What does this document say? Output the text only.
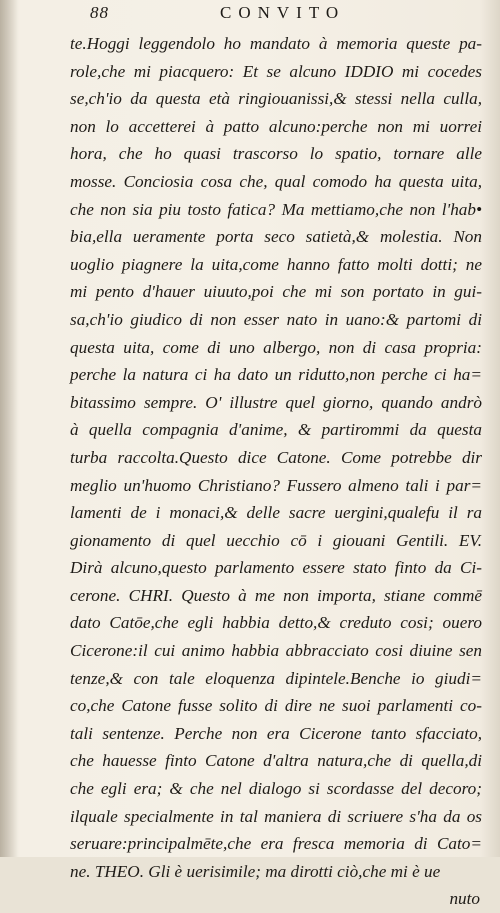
88	CONVITO
te.Hoggi leggendolo ho mandato à memoria queste pa-
role,che mi piacquero: Et se alcuno IDDIO mi cocedes
se,ch'io da questa età ringiouanissi,& stessi nella culla,
non lo accetterei à patto alcuno:perche non mi uorrei
hora, che ho quasi trascorso lo spatio, tornare alle
mosse. Conciosia cosa che, qual comodo ha questa uita,
che non sia piu tosto fatica? Ma mettiamo,che non l'hab•
bia,ella ueramente porta seco satietà,& molestia. Non
uoglio piagnere la uita,come hanno fatto molti dotti; ne
mi pento d'hauer uiuuto,poi che mi son portato in gui-
sa,ch'io giudico di non esser nato in uano:& partomi di
questa uita, come di uno albergo, non di casa propria:
perche la natura ci ha dato un ridutto,non perche ci ha=
bitassimo sempre. O' illustre quel giorno, quando andrò
à quella compagnia d'anime, & partirommi da questa
turba raccolta.Questo dice Catone. Come potrebbe dir
meglio un'huomo Christiano? Fussero almeno tali i par=
lamenti de i monaci,& delle sacre uergini,qualefu il ra
gionamento di quel uecchio cō i giouani Gentili. EV.
Dirà alcuno,questo parlamento essere stato finto da Ci-
cerone. CHRI. Questo à me non importa, stiane commē
dato Catōe,che egli habbia detto,& creduto cosi; ouero
Cicerone:il cui animo habbia abbracciato cosi diuine sen
tenze,& con tale eloquenza dipintele.Benche io giudi=
co,che Catone fusse solito di dire ne suoi parlamenti co-
tali sentenze. Perche non era Cicerone tanto sfacciato,
che hauesse finto Catone d'altra natura,che di quella,di
che egli era; & che nel dialogo si scordasse del decoro;
ilquale specialmente in tal maniera di scriuere s'ha da os
seruare:principalmēte,che era fresca memoria di Cato=
ne. THEO. Gli è uerisimile; ma dirotti ciò,che mi è ue
nuto
